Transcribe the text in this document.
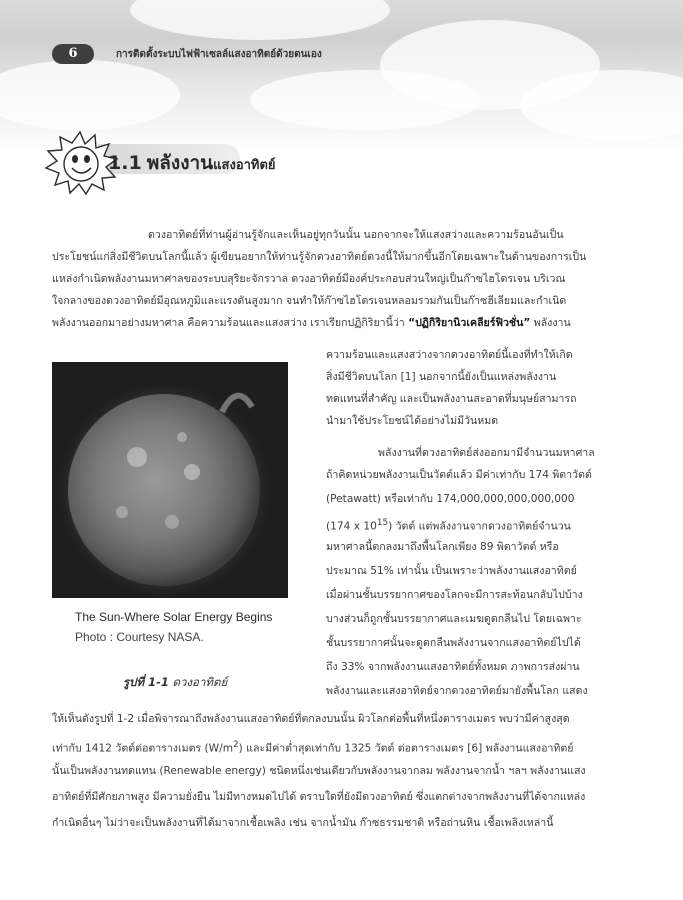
6	การติดตั้งระบบไฟฟ้าเซลล์แสงอาทิตย์ด้วยตนเอง
1.1 พลังงานแสงอาทิตย์
ดวงอาทิตย์ที่ท่านผู้อ่านรู้จักและเห็นอยู่ทุกวันนั้น นอกจากจะให้แสงสว่างและความร้อนอันเป็น
ประโยชน์แก่สิ่งมีชีวิตบนโลกนี้แล้ว ผู้เขียนอยากให้ท่านรู้จักดวงอาทิตย์ดวงนี้ให้มากขึ้นอีกโดยเฉพาะในด้านของการเป็น
แหล่งกำเนิดพลังงานมหาศาลของระบบสุริยะจักรวาล ดวงอาทิตย์มีองค์ประกอบส่วนใหญ่เป็นก๊าซไฮโดรเจน บริเวณ
ใจกลางของดวงอาทิตย์มีอุณหภูมิและแรงดันสูงมาก จนทำให้ก๊าซไฮโดรเจนหลอมรวมกันเป็นก๊าซฮีเลียมและกำเนิด
พลังงานออกมาอย่างมหาศาล คือความร้อนและแสงสว่าง เราเรียกปฏิกิริยานี้ว่า “ปฏิกิริยานิวเคลียร์ฟิวชั่น” พลังงาน
ความร้อนและแสงสว่างจากดวงอาทิตย์นี้เองที่ทำให้เกิด
สิ่งมีชีวิตบนโลก [1] นอกจากนี้ยังเป็นแหล่งพลังงาน
ทดแทนที่สำคัญ และเป็นพลังงานสะอาดที่มนุษย์สามารถ
นำมาใช้ประโยชน์ได้อย่างไม่มีวันหมด
พลังงานที่ดวงอาทิตย์ส่งออกมามีจำนวนมหาศาล
ถ้าคิดหน่วยพลังงานเป็นวัตต์แล้ว มีค่าเท่ากับ 174 พิตาวัตต์
(Petawatt) หรือเท่ากับ 174,000,000,000,000,000
(174 x $10^{15}$) วัตต์ แต่พลังงานจากดวงอาทิตย์จำนวน
มหาศาลนี้ตกลงมาถึงพื้นโลกเพียง 89 พิตาวัตต์ หรือ
ประมาณ 51% เท่านั้น เป็นเพราะว่าพลังงานแสงอาทิตย์
เมื่อผ่านชั้นบรรยากาศของโลกจะมีการสะท้อนกลับไปบ้าง
บางส่วนก็ถูกชั้นบรรยากาศและเมฆดูดกลืนไป โดยเฉพาะ
ชั้นบรรยากาศนั้นจะดูดกลืนพลังงานจากแสงอาทิตย์ไปได้
ถึง 33% จากพลังงานแสงอาทิตย์ทั้งหมด ภาพการส่งผ่าน
พลังงานและแสงอาทิตย์จากดวงอาทิตย์มายังพื้นโลก แสดง
The Sun-Where Solar Energy Begins
Photo : Courtesy NASA.
รูปที่ 1-1 ดวงอาทิตย์
ให้เห็นดังรูปที่ 1-2 เมื่อพิจารณาถึงพลังงานแสงอาทิตย์ที่ตกลงบนนั้น ผิวโลกต่อพื้นที่หนึ่งตารางเมตร พบว่ามีค่าสูงสุด
เท่ากับ 1412 วัตต์ต่อตารางเมตร $(W/m^2)$ และมีค่าต่ำสุดเท่ากับ 1325 วัตต์ ต่อตารางเมตร [6] พลังงานแสงอาทิตย์
นั้นเป็นพลังงานทดแทน (Renewable energy) ชนิดหนึ่งเช่นเดียวกับพลังงานจากลม พลังงานจากน้ำ ฯลฯ พลังงานแสง
อาทิตย์ที่มีศักยภาพสูง มีความยั่งยืน ไม่มีทางหมดไปได้ ตราบใดที่ยังมีดวงอาทิตย์ ซึ่งแตกต่างจากพลังงานที่ได้จากแหล่ง
กำเนิดอื่นๆ ไม่ว่าจะเป็นพลังงานที่ได้มาจากเชื้อเพลิง เช่น จากน้ำมัน ก๊าซธรรมชาติ หรือถ่านหิน เชื้อเพลิงเหล่านี้
